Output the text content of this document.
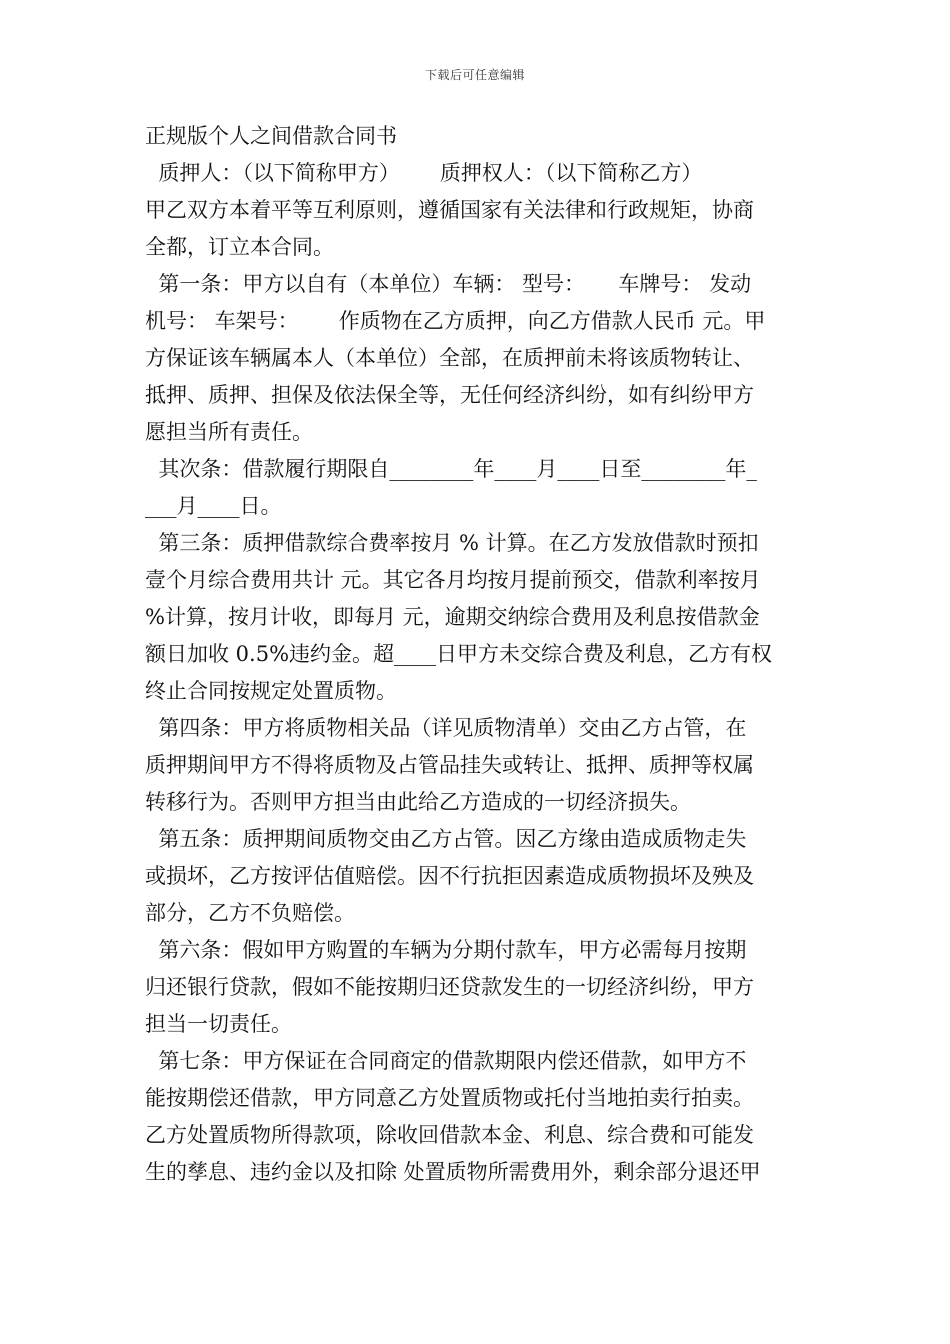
下载后可任意编辑
正规版个人之间借款合同书
质押人：（以下简称甲方）      质押权人：（以下简称乙方）
甲乙双方本着平等互利原则，遵循国家有关法律和行政规矩，协商
全都，订立本合同。
第一条：甲方以自有（本单位）车辆： 型号：     车牌号： 发动
机号： 车架号：      作质物在乙方质押，向乙方借款人民币 元。甲
方保证该车辆属本人（本单位）全部，在质押前未将该质物转让、
抵押、质押、担保及依法保全等，无任何经济纠纷，如有纠纷甲方
愿担当所有责任。
其次条：借款履行期限自________年____月____日至________年_
___月____日。
第三条：质押借款综合费率按月 % 计算。在乙方发放借款时预扣
壹个月综合费用共计 元。其它各月均按月提前预交，借款利率按月
%计算，按月计收，即每月 元，逾期交纳综合费用及利息按借款金
额日加收 0.5%违约金。超____日甲方未交综合费及利息，乙方有权
终止合同按规定处置质物。
第四条：甲方将质物相关品（详见质物清单）交由乙方占管，在
质押期间甲方不得将质物及占管品挂失或转让、抵押、质押等权属
转移行为。否则甲方担当由此给乙方造成的一切经济损失。
第五条：质押期间质物交由乙方占管。因乙方缘由造成质物走失
或损坏，乙方按评估值赔偿。因不行抗拒因素造成质物损坏及殃及
部分，乙方不负赔偿。
第六条：假如甲方购置的车辆为分期付款车，甲方必需每月按期
归还银行贷款，假如不能按期归还贷款发生的一切经济纠纷，甲方
担当一切责任。
第七条：甲方保证在合同商定的借款期限内偿还借款，如甲方不
能按期偿还借款，甲方同意乙方处置质物或托付当地拍卖行拍卖。
乙方处置质物所得款项，除收回借款本金、利息、综合费和可能发
生的孳息、违约金以及扣除 处置质物所需费用外，剩余部分退还甲
